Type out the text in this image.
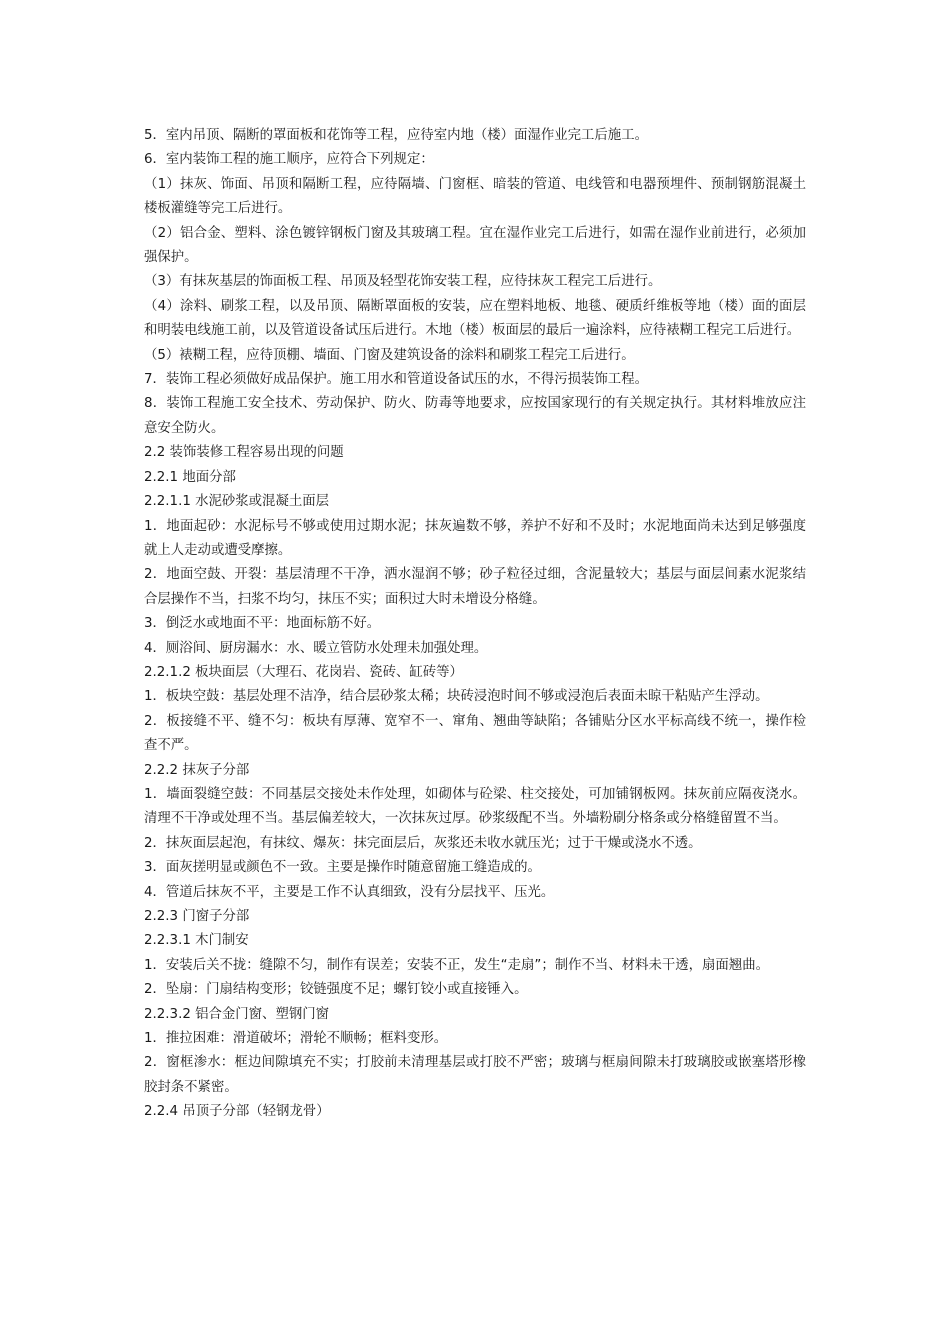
5．室内吊顶、隔断的罩面板和花饰等工程，应待室内地（楼）面湿作业完工后施工。

6．室内装饰工程的施工顺序，应符合下列规定：

（1）抹灰、饰面、吊顶和隔断工程，应待隔墙、门窗框、暗装的管道、电线管和电器预埋件、预制钢筋混凝土楼板灌缝等完工后进行。

（2）铝合金、塑料、涂色镀锌钢板门窗及其玻璃工程。宜在湿作业完工后进行，如需在湿作业前进行，必须加强保护。

（3）有抹灰基层的饰面板工程、吊顶及轻型花饰安装工程，应待抹灰工程完工后进行。

（4）涂料、刷浆工程，以及吊顶、隔断罩面板的安装，应在塑料地板、地毯、硬质纤维板等地（楼）面的面层和明装电线施工前，以及管道设备试压后进行。木地（楼）板面层的最后一遍涂料，应待裱糊工程完工后进行。

（5）裱糊工程，应待顶棚、墙面、门窗及建筑设备的涂料和刷浆工程完工后进行。

7．装饰工程必须做好成品保护。施工用水和管道设备试压的水，不得污损装饰工程。

8．装饰工程施工安全技术、劳动保护、防火、防毒等地要求，应按国家现行的有关规定执行。其材料堆放应注意安全防火。

2.2 装饰装修工程容易出现的问题

2.2.1 地面分部

2.2.1.1 水泥砂浆或混凝土面层

1．地面起砂：水泥标号不够或使用过期水泥；抹灰遍数不够，养护不好和不及时；水泥地面尚未达到足够强度就上人走动或遭受摩擦。

2．地面空鼓、开裂：基层清理不干净，洒水湿润不够；砂子粒径过细，含泥量较大；基层与面层间素水泥浆结合层操作不当，扫浆不均匀，抹压不实；面积过大时未增设分格缝。

3．倒泛水或地面不平：地面标筋不好。

4．厕浴间、厨房漏水：水、暖立管防水处理未加强处理。

2.2.1.2 板块面层（大理石、花岗岩、瓷砖、缸砖等）

1．板块空鼓：基层处理不洁净，结合层砂浆太稀；块砖浸泡时间不够或浸泡后表面未晾干粘贴产生浮动。

2．板接缝不平、缝不匀：板块有厚薄、宽窄不一、窜角、翘曲等缺陷；各铺贴分区水平标高线不统一，操作检查不严。

2.2.2 抹灰子分部

1．墙面裂缝空鼓：不同基层交接处未作处理，如砌体与砼梁、柱交接处，可加铺钢板网。抹灰前应隔夜浇水。清理不干净或处理不当。基层偏差较大，一次抹灰过厚。砂浆级配不当。外墙粉刷分格条或分格缝留置不当。

2．抹灰面层起泡，有抹纹、爆灰：抹完面层后，灰浆还未收水就压光；过于干燥或浇水不透。

3．面灰搓明显或颜色不一致。主要是操作时随意留施工缝造成的。

4．管道后抹灰不平，主要是工作不认真细致，没有分层找平、压光。

2.2.3 门窗子分部

2.2.3.1 木门制安

1．安装后关不拢：缝隙不匀，制作有误差；安装不正，发生“走扇”；制作不当、材料未干透，扇面翘曲。

2．坠扇：门扇结构变形；铰链强度不足；螺钉铰小或直接锤入。

2.2.3.2 铝合金门窗、塑钢门窗

1．推拉困难：滑道破坏；滑轮不顺畅；框料变形。

2．窗框渗水：框边间隙填充不实；打胶前未清理基层或打胶不严密；玻璃与框扇间隙未打玻璃胶或嵌塞塔形橡胶封条不紧密。

2.2.4 吊顶子分部（轻钢龙骨）
